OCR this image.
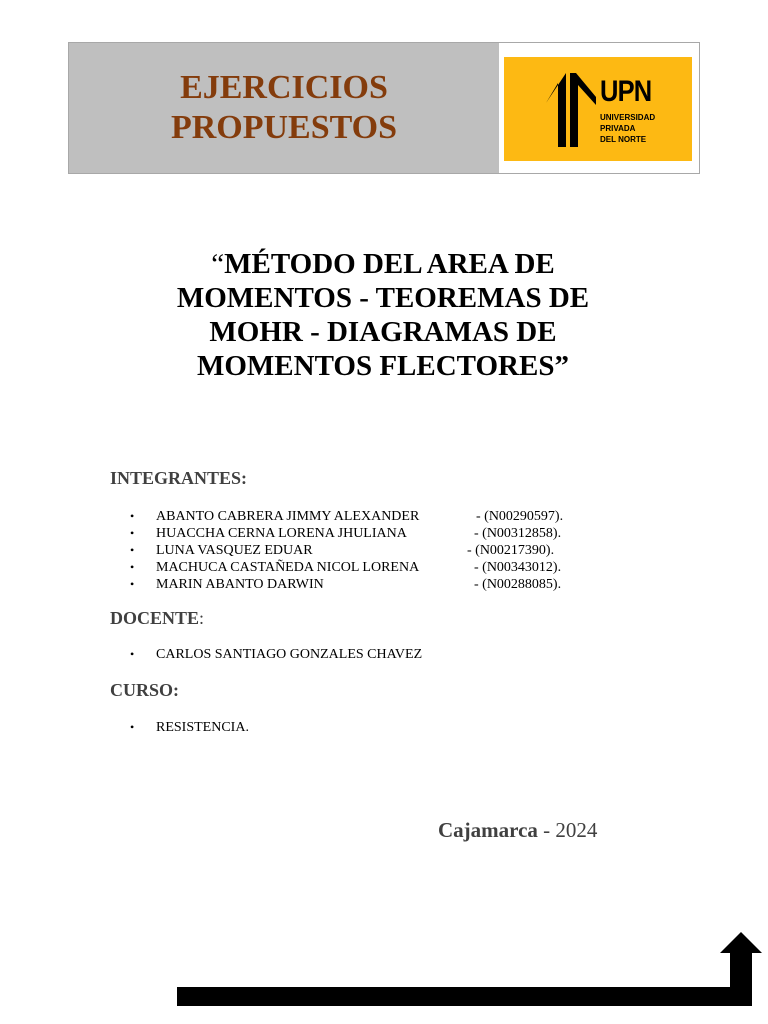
EJERCICIOS
PROPUESTOS
UPN
UNIVERSIDAD
PRIVADA
DEL NORTE
“MÉTODO DEL AREA DE
MOMENTOS - TEOREMAS DE
MOHR - DIAGRAMAS DE
MOMENTOS FLECTORES”
INTEGRANTES:
• ABANTO CABRERA JIMMY ALEXANDER	- (N00290597).
• HUACCHA CERNA LORENA JHULIANA	- (N00312858).
• LUNA VASQUEZ EDUAR	- (N00217390).
• MACHUCA CASTAÑEDA NICOL LORENA	- (N00343012).
• MARIN ABANTO DARWIN	- (N00288085).
DOCENTE:
• CARLOS SANTIAGO GONZALES CHAVEZ
CURSO:
• RESISTENCIA.
Cajamarca - 2024
